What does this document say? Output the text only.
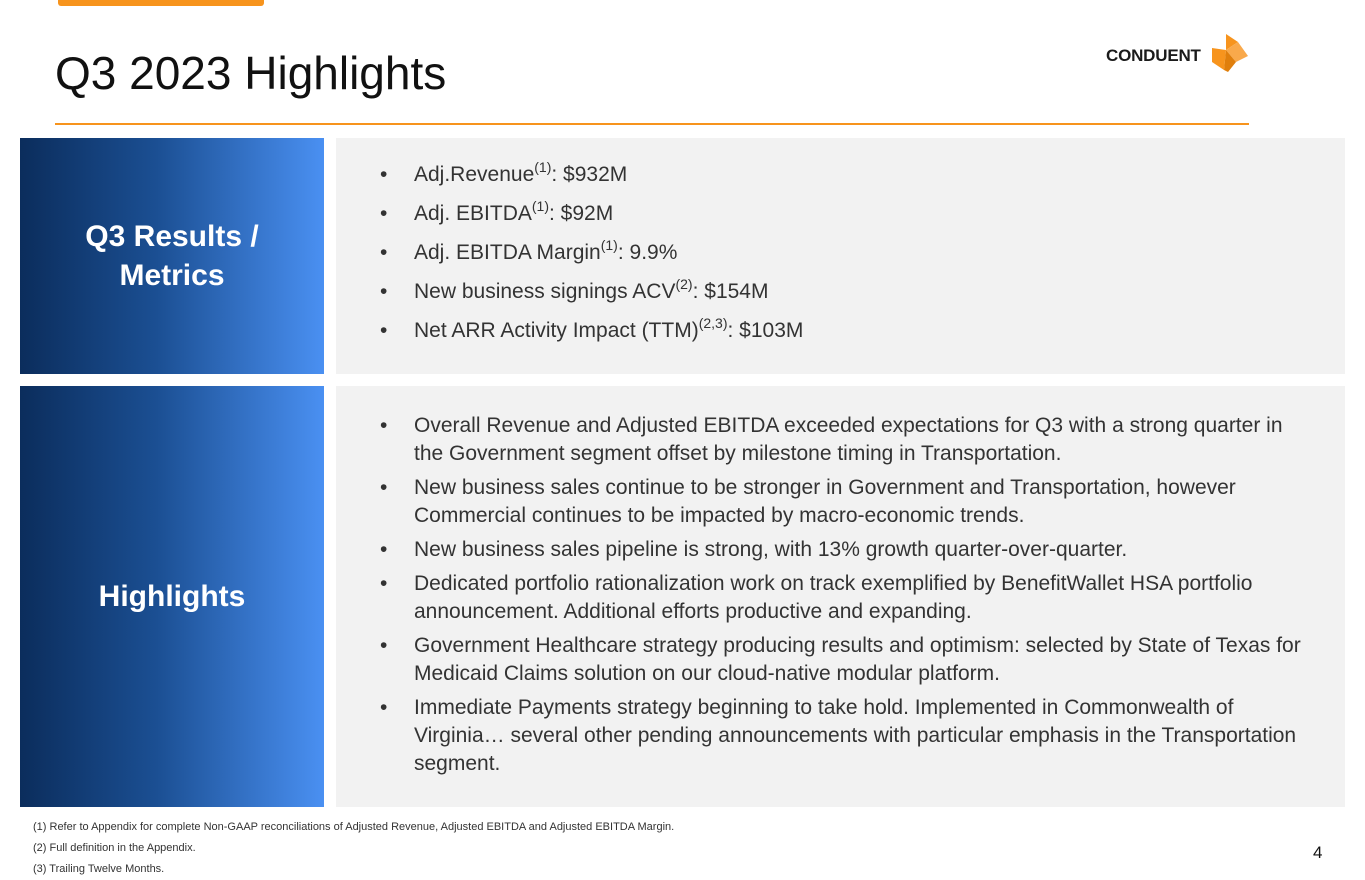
Q3 2023 Highlights	CONDUENT
Q3 Results /
Metrics
• Adj.Revenue$^{(1)}$: $932M
• Adj. EBITDA$^{(1)}$: $92M
• Adj. EBITDA Margin$^{(1)}$: 9.9%
• New business signings ACV$^{(2)}$: $154M
• Net ARR Activity Impact (TTM)$^{(2,3)}$: $103M
Highlights
• Overall Revenue and Adjusted EBITDA exceeded expectations for Q3 with a strong quarter in the Government segment offset by milestone timing in Transportation.
• New business sales continue to be stronger in Government and Transportation, however Commercial continues to be impacted by macro-economic trends.
• New business sales pipeline is strong, with 13% growth quarter-over-quarter.
• Dedicated portfolio rationalization work on track exemplified by BenefitWallet HSA portfolio announcement. Additional efforts productive and expanding.
• Government Healthcare strategy producing results and optimism: selected by State of Texas for Medicaid Claims solution on our cloud-native modular platform.
• Immediate Payments strategy beginning to take hold. Implemented in Commonwealth of Virginia… several other pending announcements with particular emphasis in the Transportation segment.
(1) Refer to Appendix for complete Non-GAAP reconciliations of Adjusted Revenue, Adjusted EBITDA and Adjusted EBITDA Margin.
(2) Full definition in the Appendix.
(3) Trailing Twelve Months.
4
